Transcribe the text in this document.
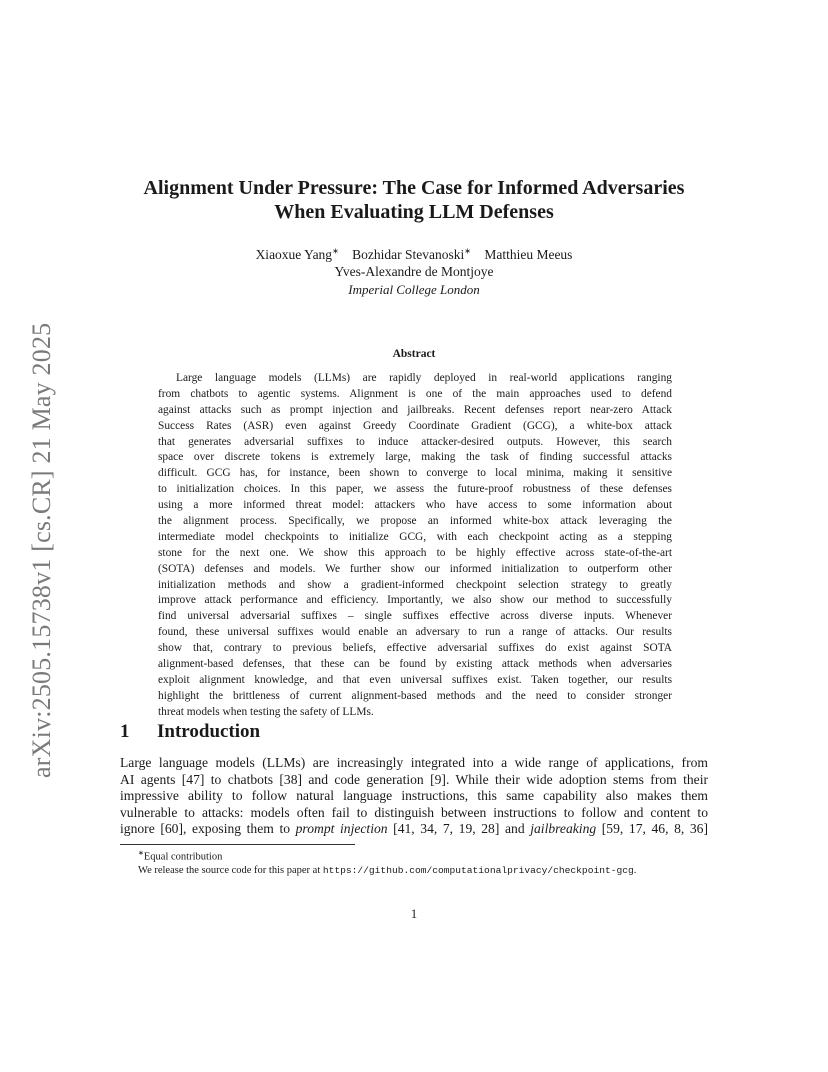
arXiv:2505.15738v1 [cs.CR] 21 May 2025
Alignment Under Pressure: The Case for Informed Adversaries
When Evaluating LLM Defenses
Xiaoxue Yang∗ Bozhidar Stevanoski∗ Matthieu Meeus
Yves-Alexandre de Montjoye
Imperial College London
Abstract
Large language models (LLMs) are rapidly deployed in real-world applications ranging
from chatbots to agentic systems. Alignment is one of the main approaches used to defend
against attacks such as prompt injection and jailbreaks. Recent defenses report near-zero Attack
Success Rates (ASR) even against Greedy Coordinate Gradient (GCG), a white-box attack
that generates adversarial suffixes to induce attacker-desired outputs. However, this search
space over discrete tokens is extremely large, making the task of finding successful attacks
difficult. GCG has, for instance, been shown to converge to local minima, making it sensitive
to initialization choices. In this paper, we assess the future-proof robustness of these defenses
using a more informed threat model: attackers who have access to some information about
the alignment process. Specifically, we propose an informed white-box attack leveraging the
intermediate model checkpoints to initialize GCG, with each checkpoint acting as a stepping
stone for the next one. We show this approach to be highly effective across state-of-the-art
(SOTA) defenses and models. We further show our informed initialization to outperform other
initialization methods and show a gradient-informed checkpoint selection strategy to greatly
improve attack performance and efficiency. Importantly, we also show our method to successfully
find universal adversarial suffixes – single suffixes effective across diverse inputs. Whenever
found, these universal suffixes would enable an adversary to run a range of attacks. Our results
show that, contrary to previous beliefs, effective adversarial suffixes do exist against SOTA
alignment-based defenses, that these can be found by existing attack methods when adversaries
exploit alignment knowledge, and that even universal suffixes exist. Taken together, our results
highlight the brittleness of current alignment-based methods and the need to consider stronger
threat models when testing the safety of LLMs.
1 Introduction
Large language models (LLMs) are increasingly integrated into a wide range of applications, from
AI agents [47] to chatbots [38] and code generation [9]. While their wide adoption stems from their
impressive ability to follow natural language instructions, this same capability also makes them
vulnerable to attacks: models often fail to distinguish between instructions to follow and content to
ignore [60], exposing them to prompt injection [41, 34, 7, 19, 28] and jailbreaking [59, 17, 46, 8, 36]
∗Equal contribution
We release the source code for this paper at https://github.com/computationalprivacy/checkpoint-gcg.
1
